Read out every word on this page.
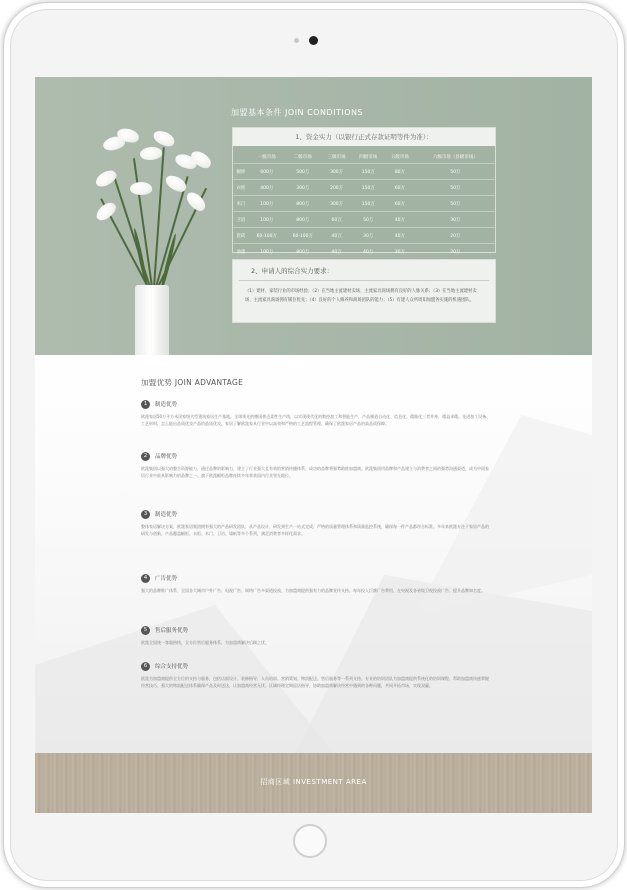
加盟基本条件 JOIN CONDITIONS
1、资金实力（以银行正式存款证明等件为准）：
	一级市场	二级市场	三级市场	四级市场	五级市场	六级市场（县级市场）
橱柜	600万	500万	300万	150万	80万	50万
衣柜	400万	300万	200万	150万	60万	50万
木门	100万	800万	300万	150万	60万	50万
卫浴	100万	800万	60万	50万	40万	30万
瓷砖	60-100万	60-100万	40万	30万	40万	20万
油漆	100万	800万	40万	40万	20万	20万
2、申请人的综合实力要求：
（1）建材、家装行业的市场经验；（2）在当地主流建材卖场、主流家具商场拥有良好的人脉关系；（3）在当地主流建材卖场、主流家具商场拥有铺位优先；（4）良好的个人修养和商场团队的能力；（5）有建人众所周知加盟各实施的机遇团队。
加盟优势 JOIN ADVANTAGE
1	制造优势
欧派家居50万平方米国家级大型建筑家居生产基地，全球领先的德国豪迈柔性生产线，以实现现代化的数控加工和智能生产，产品制造自动化、信息化、精细化三者并举，精益求精。先进加工设备、工艺材料，怎么能出品质优良产品的品质优良，家居了解欧派家具行业中以高效和严格的工艺流程管理，确保了欧派家居产品的高品质保障。
2	品牌优势
欧派集团以强大的整合资源能力，通过品牌的影响力，建立了行业强大且有效的营销传播体系，成功的品牌将强势助推加盟商。欧派集团用品牌和产品建立与消费者之间的强势沟通渠道，成为中国家居行业中最具影响力的品牌之一。旗下欧派橱柜品牌连续多年荣获国内行业领先地位。
3	制造优势
整体家居解决方案，欧派家居集团拥有强大的产品研发团队，从产品设计、研发到生产一站式完成，严格的质量管理体系和质量监控系统，确保每一件产品都符合标准。多年来欧派专注于家居产品的研发与创新，产品覆盖橱柜、衣柜、木门、卫浴、墙纸等多个系列，满足消费者多样化需求。
4	广告优势
强大的品牌推广体系，全国各大城市户外广告、电视广告、网络广告多渠道投放，为加盟商提供强有力的品牌宣传支持。每年投入巨额广告费用，在央视及各省级卫视投放广告，提升品牌知名度。
5	售后服务优势
欧派全国统一客服热线，全方位售后服务体系，为加盟商解决后顾之忧。
6	综合支持优势
欧派为加盟商提供全方位的支持与服务，包括店面设计、装修指导、人员培训、营销策划、物流配送、售后服务等一系列支持。专业的培训团队为加盟商提供系统化的培训课程，帮助加盟商快速掌握经营技巧。强大的物流配送体系确保产品及时送达，让加盟商经营无忧。区域经理定期巡店指导，协助加盟商解决经营中遇到的各种问题，共同开拓市场，实现双赢。
招商区域 INVESTMENT AREA
